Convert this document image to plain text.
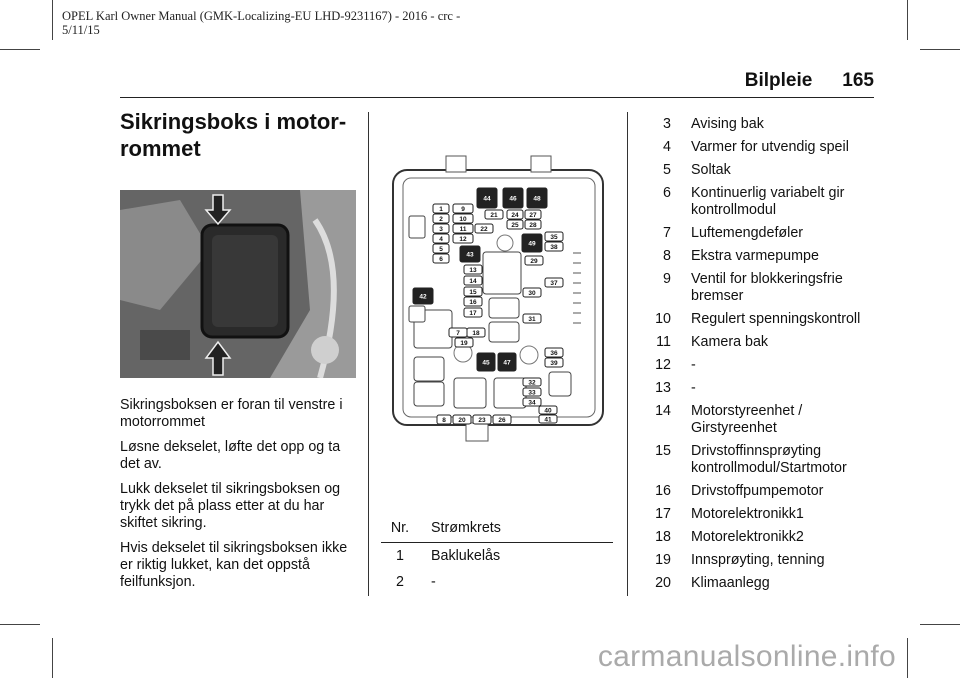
OPEL Karl Owner Manual (GMK-Localizing-EU LHD-9231167) - 2016 - crc -
5/11/15
Bilpleie 165
Sikringsboks i motor-
rommet

Sikringsboksen er foran til venstre i motorrommet

Løsne dekselet, løfte det opp og ta det av.

Lukk dekselet til sikringsboksen og trykk det på plass etter at du har skiftet sikring.

Hvis dekselet til sikringsboksen ikke er riktig lukket, kan det oppstå feilfunksjon.

44	46	48
1
2
3
4
5
6
9
10
11
12
21
22
24 27
25 28
35
38
29
37
30
31
36
39
43
13
14
15
16
17
7 18
19
42
49
45 47
32
33
34
40
41
8 20 23 26
Nr.	Strømkrets
1	Baklukelås
2	-
3	Avising bak
4	Varmer for utvendig speil
5	Soltak
6	Kontinuerlig variabelt gir kontrollmodul
7	Luftemengdeføler
8	Ekstra varmepumpe
9	Ventil for blokkeringsfrie bremser
10	Regulert spenningskontroll
11	Kamera bak
12	-
13	-
14	Motorstyreenhet / Girstyreenhet
15	Drivstoffinnsprøyting kontrollmodul/Startmotor
16	Drivstoffpumpemotor
17	Motorelektronikk1
18	Motorelektronikk2
19	Innsprøyting, tenning
20	Klimaanlegg
carmanualsonline.info
